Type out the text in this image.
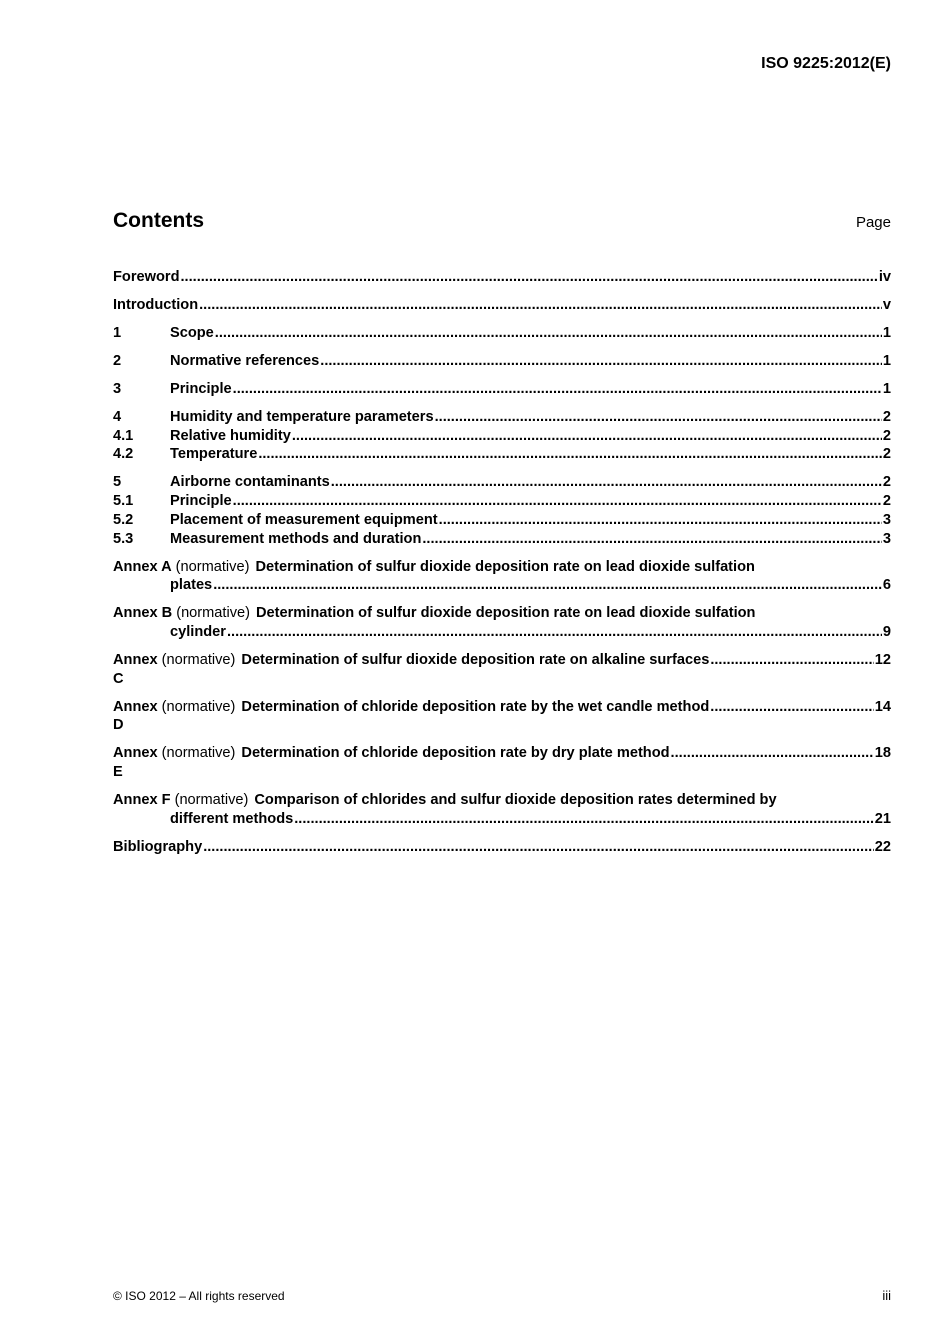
ISO 9225:2012(E)
Contents	Page
Foreword .....	iv
Introduction .....	v
1	Scope .....	1
2	Normative references .....	1
3	Principle .....	1
4	Humidity and temperature parameters .....	2
4.1	Relative humidity .....	2
4.2	Temperature .....	2
5	Airborne contaminants .....	2
5.1	Principle .....	2
5.2	Placement of measurement equipment .....	3
5.3	Measurement methods and duration .....	3
Annex A (normative) Determination of sulfur dioxide deposition rate on lead dioxide sulfation
plates .....	6
Annex B (normative) Determination of sulfur dioxide deposition rate on lead dioxide sulfation
cylinder .....	9
Annex C
(normative) Determination of sulfur dioxide deposition rate on alkaline surfaces .....	12
Annex D
(normative) Determination of chloride deposition rate by the wet candle method .....	14
Annex E
(normative) Determination of chloride deposition rate by dry plate method .....	18
Annex F (normative) Comparison of chlorides and sulfur dioxide deposition rates determined by
different methods .....	21
Bibliography .....	22
© ISO 2012 – All rights reserved	iii
